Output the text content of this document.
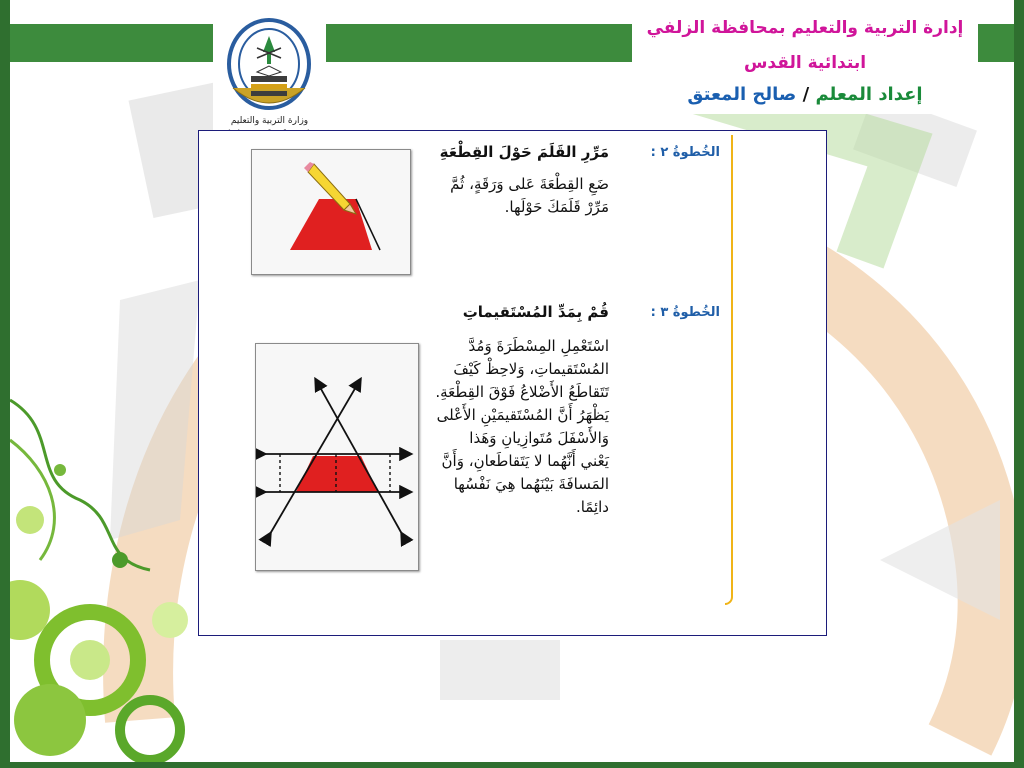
وزارة التربية والتعليم
إدارة التربية والتعليم بمحافظة الزلفي
ابتدائية القدس
إعداد المعلم / صالح المعتق
الخُطوةُ ٢ :
مَرِّرِ القَلَمَ حَوْلَ القِطْعَةِ
ضَعِ القِطْعَةَ عَلى وَرَقَةٍ، ثُمَّ
مَرِّرْ قَلَمَكَ حَوْلَها.
الخُطوةُ ٣ :
قُمْ بِمَدِّ المُسْتَقيماتِ
اسْتَعْمِلِ المِسْطَرَةَ وَمُدَّ
المُسْتَقيماتِ، وَلاحِظْ كَيْفَ
تَتَقاطَعُ الأَضْلاعُ فَوْقَ القِطْعَةِ.
يَظْهَرُ أَنَّ المُسْتَقيمَيْنِ الأَعْلى
وَالأَسْفَلَ مُتَوازِيانِ وَهَذا
يَعْني أَنَّهُما لا يَتَقاطَعانِ، وَأَنَّ
المَسافَةَ بَيْنَهُما هِيَ نَفْسُها
دائِمًا.
